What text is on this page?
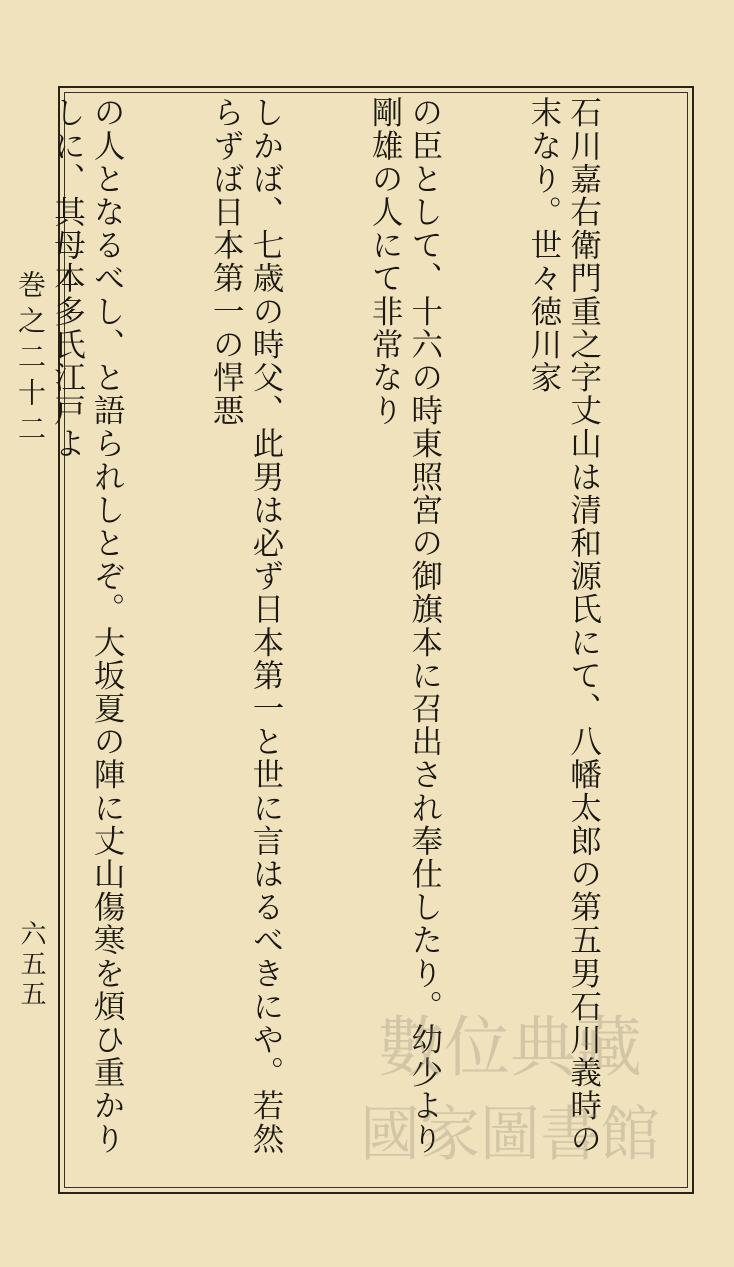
巻之二十二
六五五

	石川嘉右衛門重之字丈山は清和源氏にて、八幡太郎の第五男石川義時の末なり。世々徳川家

の臣として、十六の時東照宮の御旗本に召出され奉仕したり。幼少より剛雄の人にて非常なり

しかば、七歳の時父、此男は必ず日本第一と世に言はるべきにや。若然らずば日本第一の悍悪

の人となるべし、と語られしとぞ。大坂夏の陣に丈山傷寒を煩ひ重かりしに、其母本多氏江戸よ

數位典藏
國家圖書館
